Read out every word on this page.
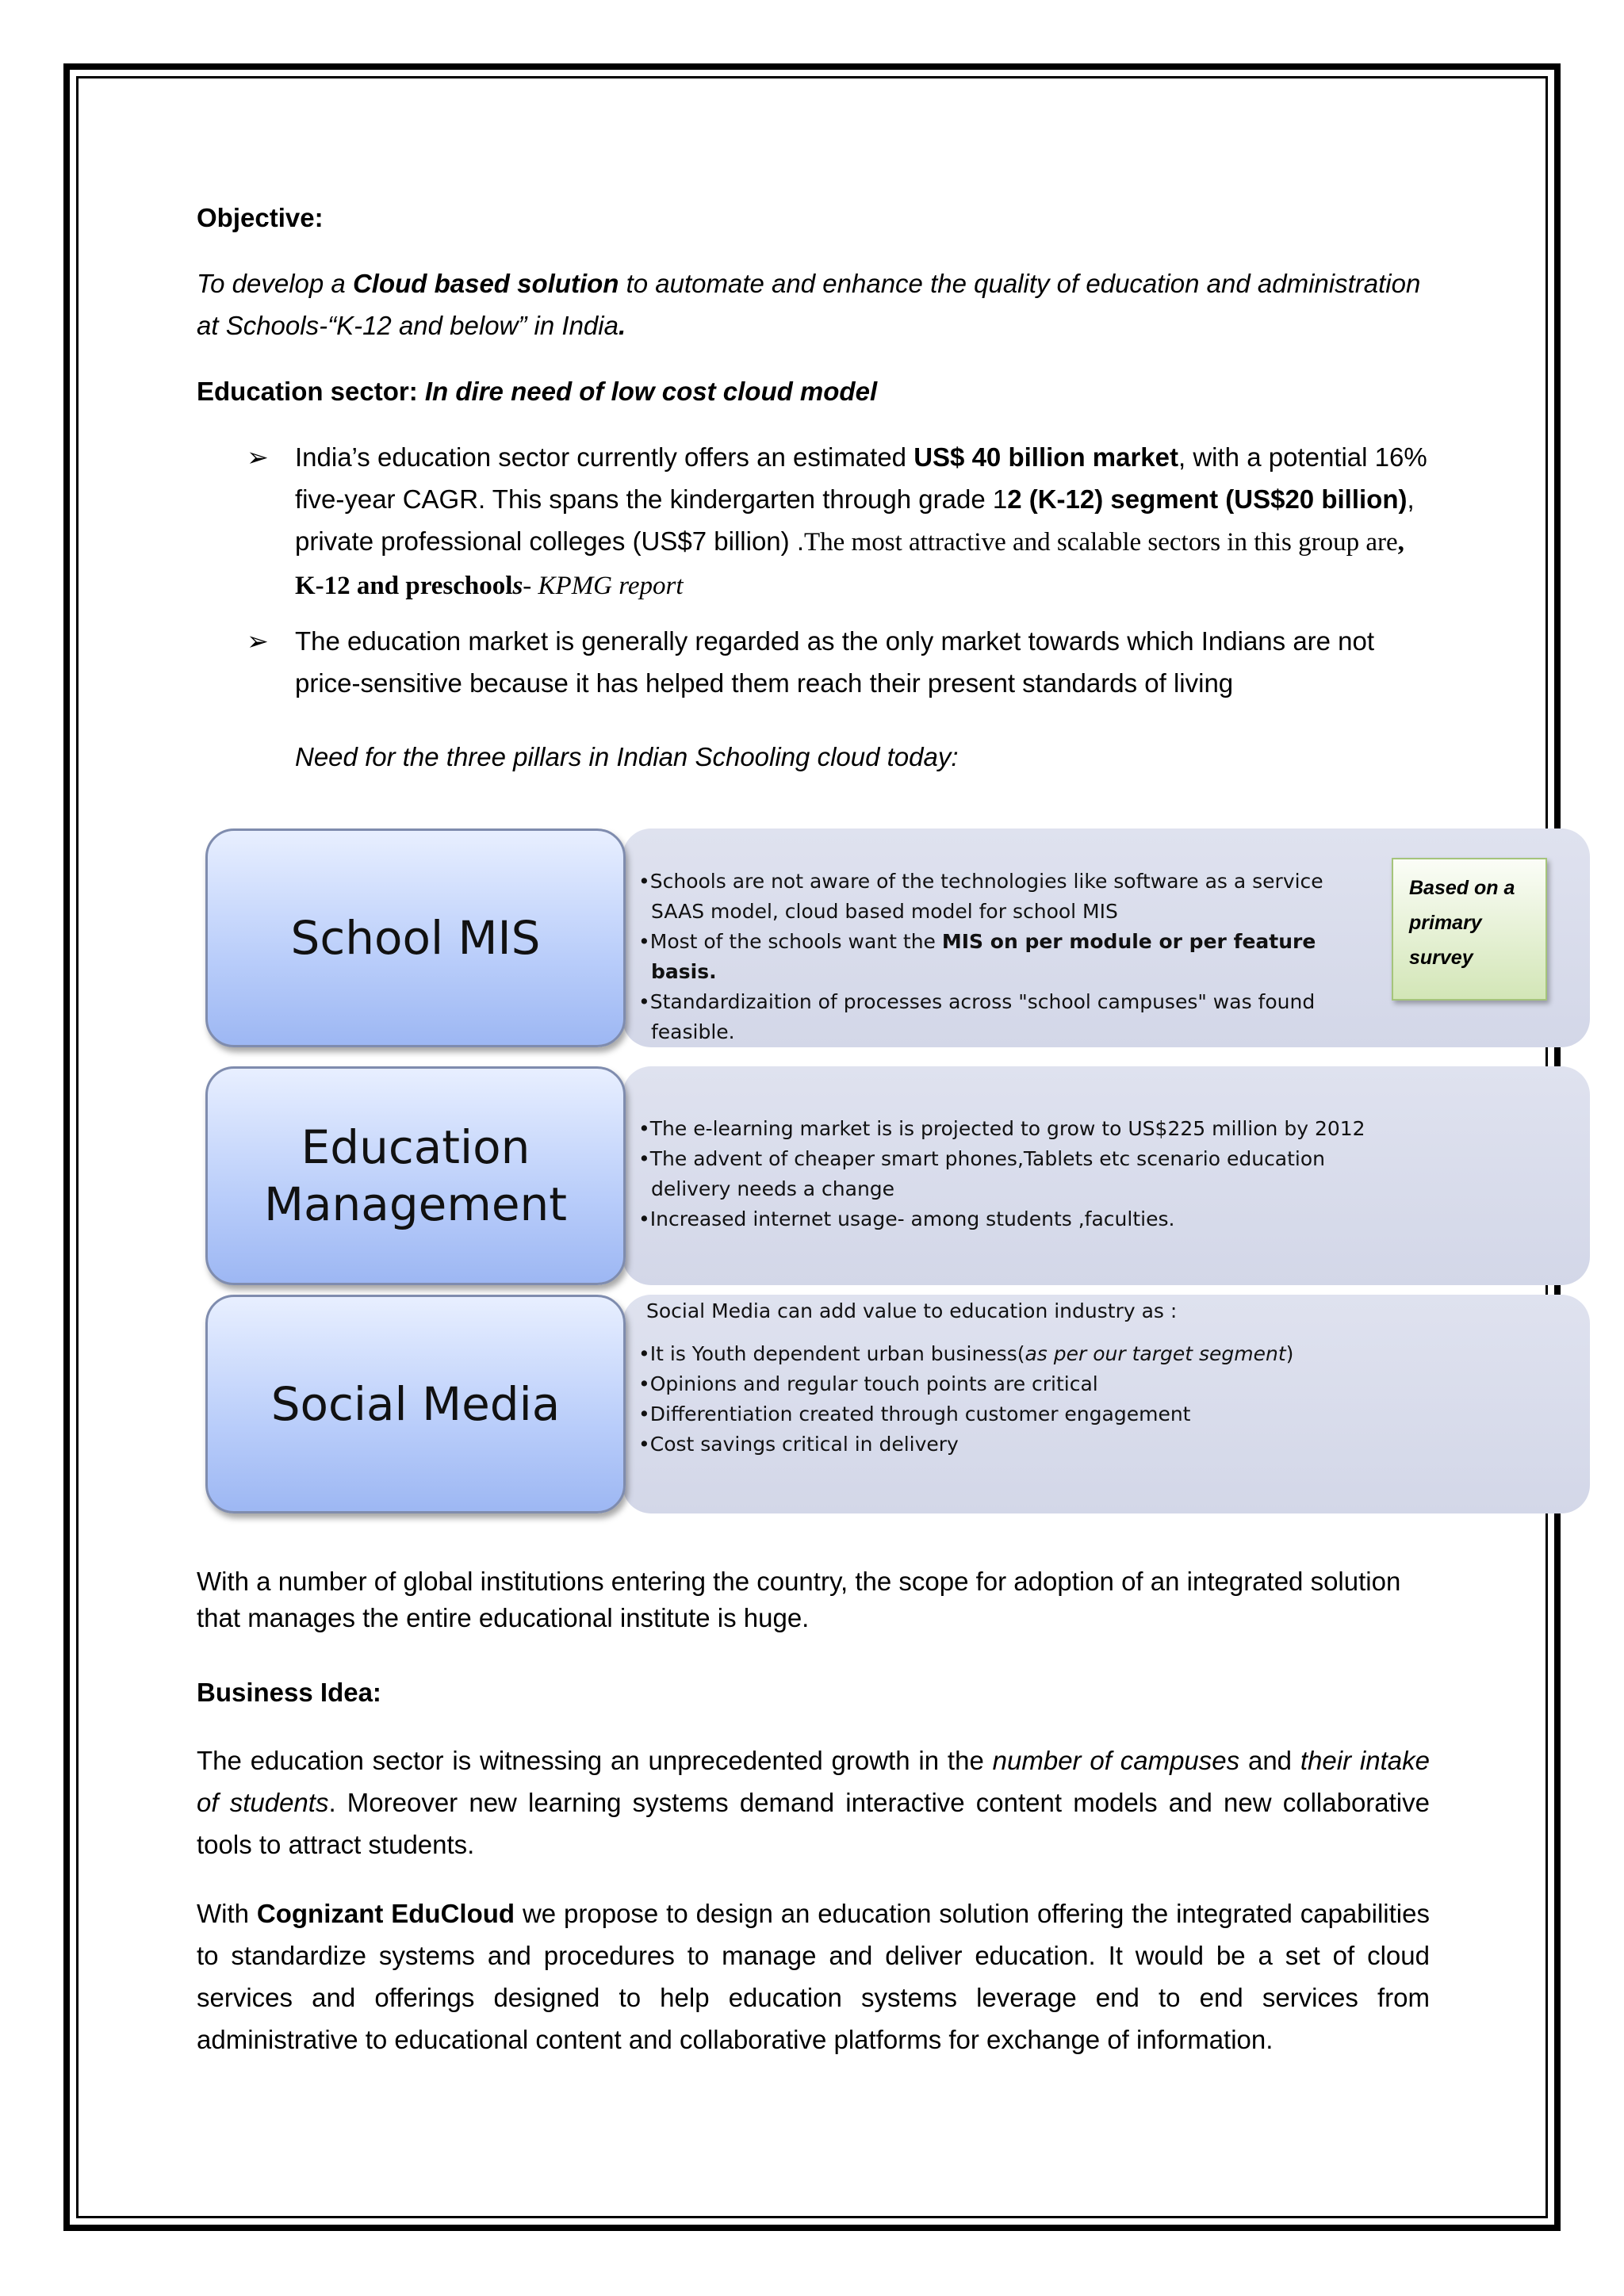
Objective:

To develop a Cloud based solution to automate and enhance the quality of education and administration at Schools-“K-12 and below” in India.

Education sector: In dire need of low cost cloud model

➢ India’s education sector currently offers an estimated US$ 40 billion market, with a potential 16% five-year CAGR. This spans the kindergarten through grade 12 (K-12) segment (US$20 billion), private professional colleges (US$7 billion) .The most attractive and scalable sectors in this group are, K-12 and preschools- KPMG report
➢ The education market is generally regarded as the only market towards which Indians are not price-sensitive because it has helped them reach their present standards of living

Need for the three pillars in Indian Schooling cloud today:

School MIS
•Schools are not aware of the technologies like software as a service SAAS model, cloud based model for school MIS
•Most of the schools want the MIS on per module or per feature basis.
•Standardizaition of processes across "school campuses" was found feasible.
Education
Management
•The e-learning market is is projected to grow to US$225 million by 2012
•The advent of cheaper smart phones,Tablets etc scenario education delivery needs a change
•Increased internet usage- among students ,faculties.
Social Media
Social Media can add value to education industry as :
•It is Youth dependent urban business(as per our target segment)
•Opinions and regular touch points are critical
•Differentiation created through customer engagement
•Cost savings critical in delivery
Based on a primary survey

With a number of global institutions entering the country, the scope for adoption of an integrated solution that manages the entire educational institute is huge.

Business Idea:

The education sector is witnessing an unprecedented growth in the number of campuses and their intake of students. Moreover new learning systems demand interactive content models and new collaborative tools to attract students.

With Cognizant EduCloud we propose to design an education solution offering the integrated capabilities to standardize systems and procedures to manage and deliver education. It would be a set of cloud services and offerings designed to help education systems leverage end to end services from administrative to educational content and collaborative platforms for exchange of information.
